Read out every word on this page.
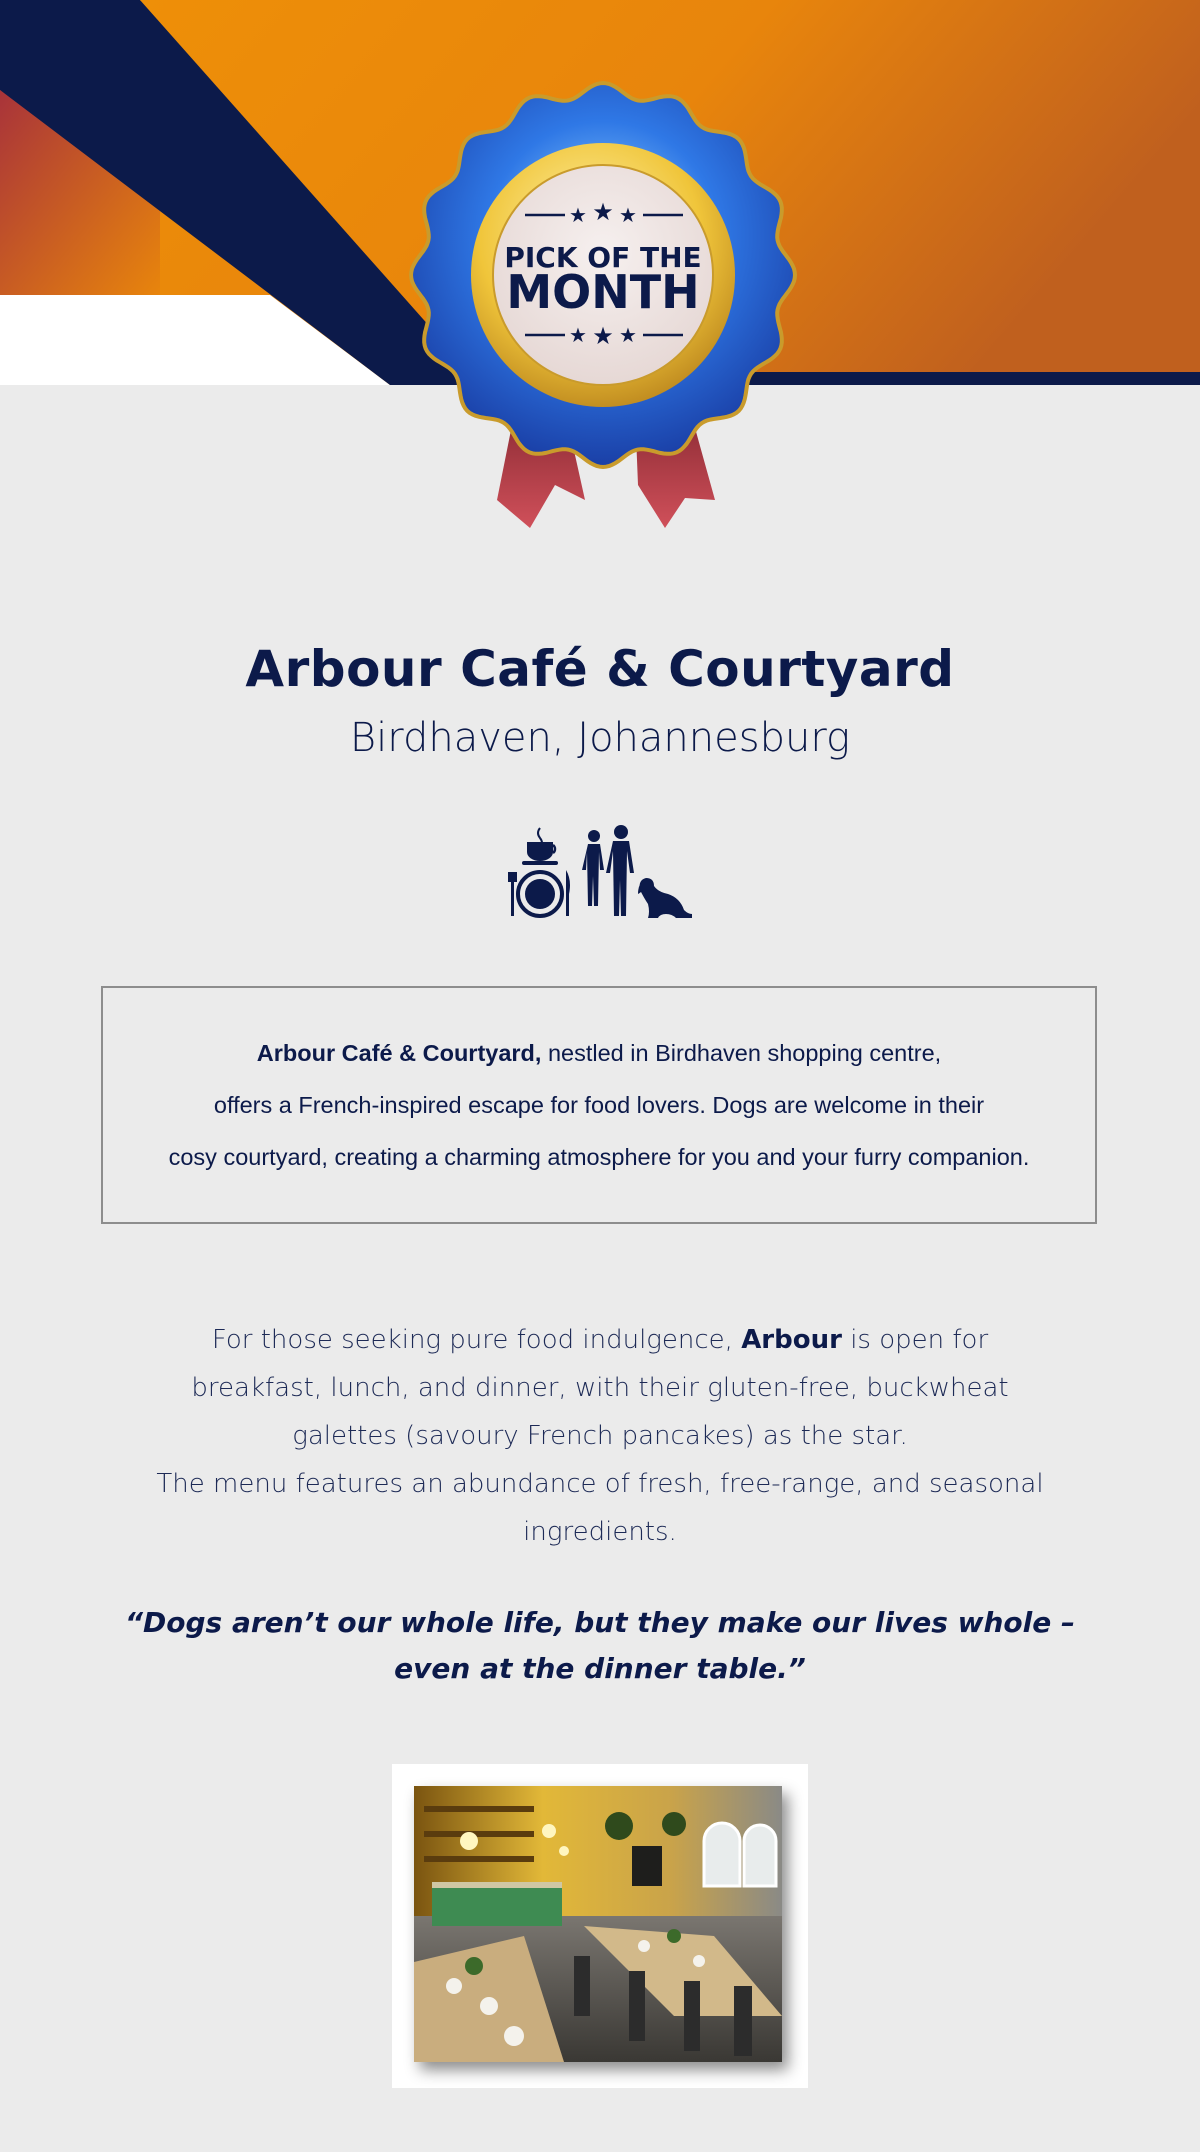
★ ★ ★
PICK OF THE
MONTH
★ ★ ★
Arbour Café & Courtyard
Birdhaven, Johannesburg

Arbour Café & Courtyard, nestled in Birdhaven shopping centre,
offers a French-inspired escape for food lovers. Dogs are welcome in their
cosy courtyard, creating a charming atmosphere for you and your furry companion.

For those seeking pure food indulgence, Arbour is open for breakfast, lunch, and dinner, with their gluten-free, buckwheat galettes (savoury French pancakes) as the star.
The menu features an abundance of fresh, free-range, and seasonal ingredients.
“Dogs aren’t our whole life, but they make our lives whole –
even at the dinner table.”
